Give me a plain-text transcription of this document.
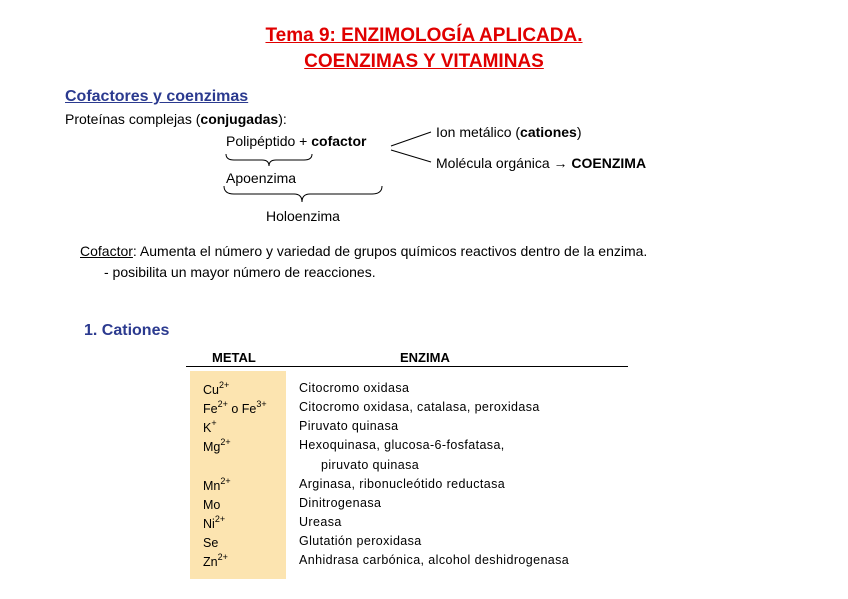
Tema 9: ENZIMOLOGÍA APLICADA.
COENZIMAS Y VITAMINAS
Cofactores y coenzimas
Proteínas complejas (conjugadas):
Polipéptido + cofactor
Ion metálico (cationes)
Molécula orgánica → COENZIMA
Apoenzima
Holoenzima
Cofactor: Aumenta el número y variedad de grupos químicos reactivos dentro de la enzima.
- posibilita un mayor número de reacciones.
1. Cationes
METAL	ENZIMA
$Cu^{2+}$	Citocromo oxidasa
$Fe^{2+}$ o $Fe^{3+}$	Citocromo oxidasa, catalasa, peroxidasa
K+	Piruvato quinasa
$Mg^{2+}$	Hexoquinasa, glucosa-6-fosfatasa,
piruvato quinasa
$Mn^{2+}$	Arginasa, ribonucleótido reductasa
Mo	Dinitrogenasa
$Ni^{2+}$	Ureasa
Se	Glutatión peroxidasa
$Zn^{2+}$	Anhidrasa carbónica, alcohol deshidrogenasa
